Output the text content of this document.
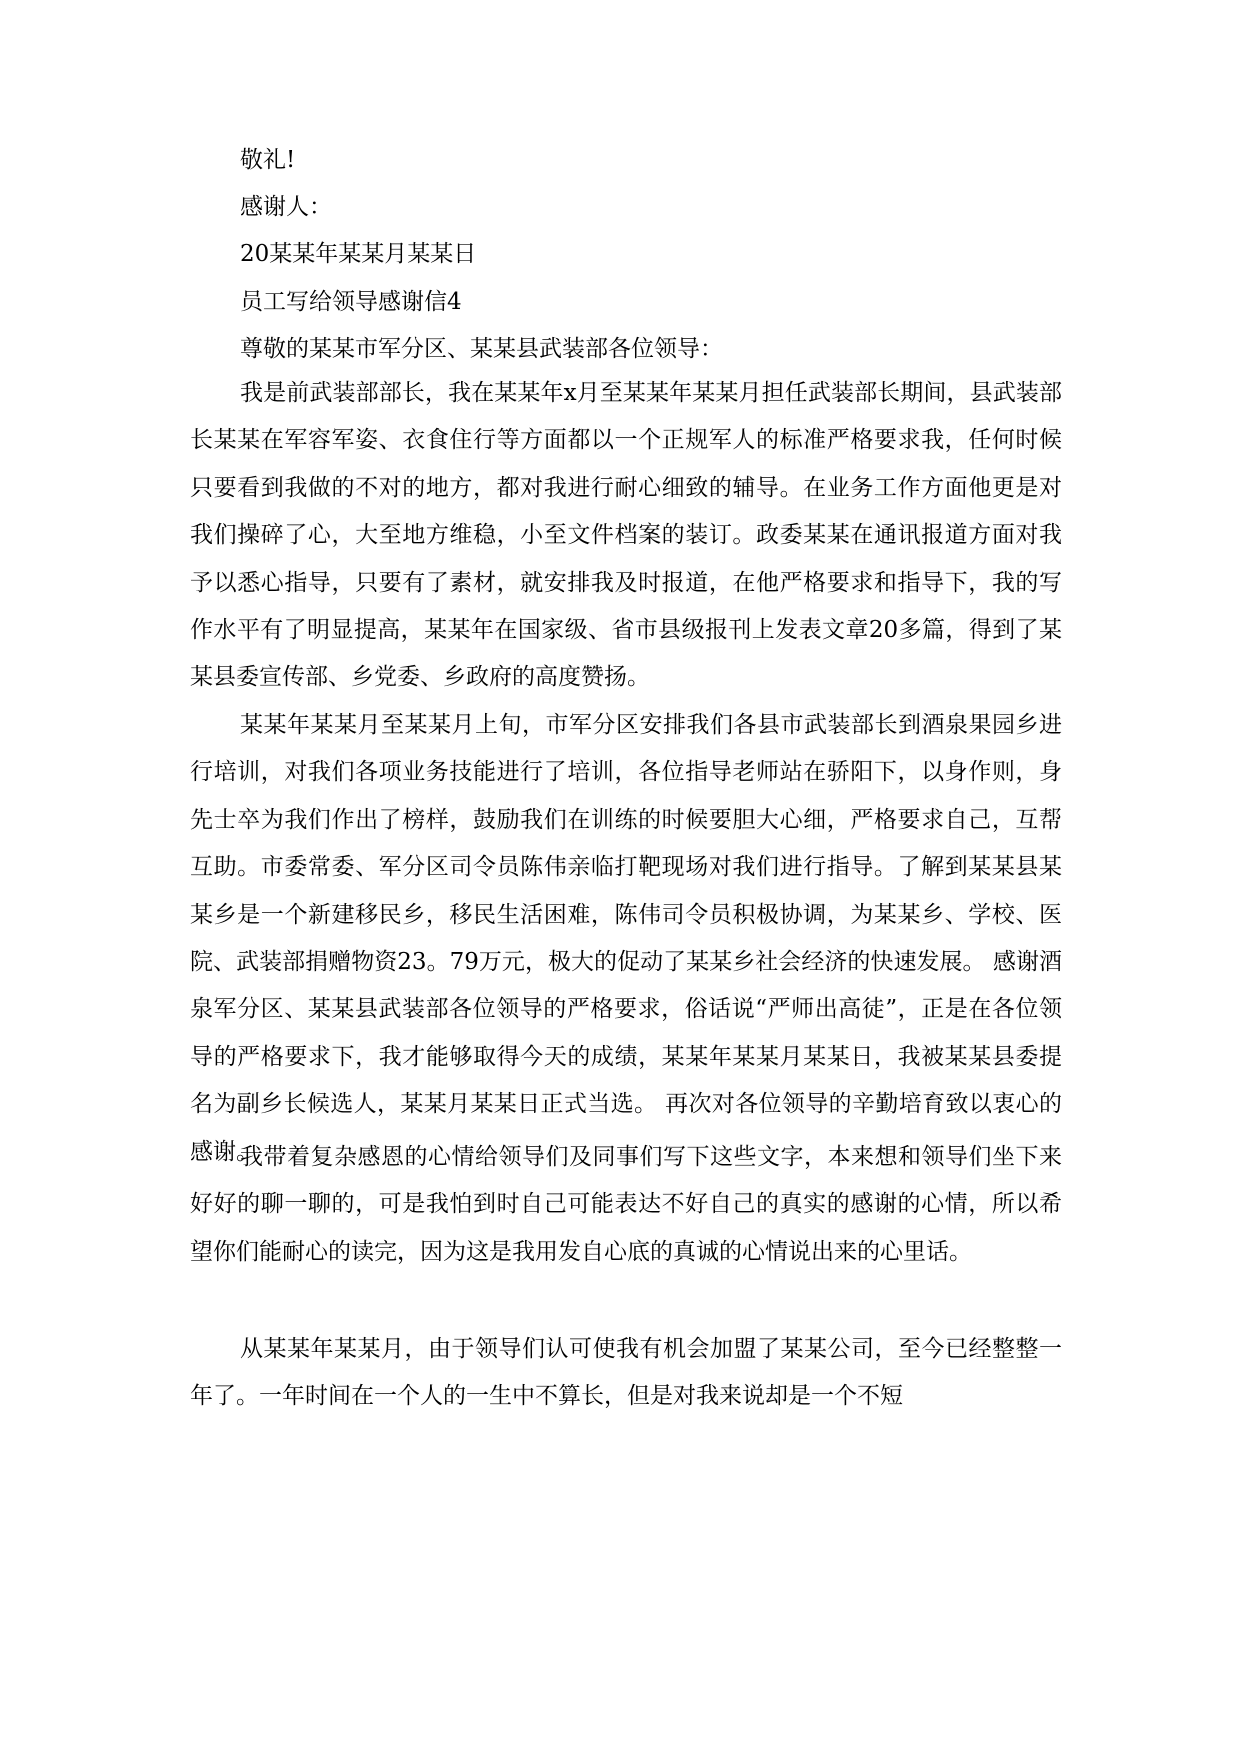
敬礼!

感谢人：

20某某年某某月某某日

员工写给领导感谢信4

尊敬的某某市军分区、某某县武装部各位领导：

我是前武装部部长，我在某某年x月至某某年某某月担任武装部长期间，县武装部长某某在军容军姿、衣食住行等方面都以一个正规军人的标准严格要求我，任何时候只要看到我做的不对的地方，都对我进行耐心细致的辅导。在业务工作方面他更是对我们操碎了心，大至地方维稳，小至文件档案的装订。政委某某在通讯报道方面对我予以悉心指导，只要有了素材，就安排我及时报道，在他严格要求和指导下，我的写作水平有了明显提高，某某年在国家级、省市县级报刊上发表文章20多篇，得到了某某县委宣传部、乡党委、乡政府的高度赞扬。

某某年某某月至某某月上旬，市军分区安排我们各县市武装部长到酒泉果园乡进行培训，对我们各项业务技能进行了培训，各位指导老师站在骄阳下，以身作则，身先士卒为我们作出了榜样，鼓励我们在训练的时候要胆大心细，严格要求自己，互帮互助。市委常委、军分区司令员陈伟亲临打靶现场对我们进行指导。了解到某某县某某乡是一个新建移民乡，移民生活困难，陈伟司令员积极协调，为某某乡、学校、医院、武装部捐赠物资23。79万元，极大的促动了某某乡社会经济的快速发展。 感谢酒泉军分区、某某县武装部各位领导的严格要求，俗话说“严师出高徒”，正是在各位领导的严格要求下，我才能够取得今天的成绩，某某年某某月某某日，我被某某县委提名为副乡长候选人，某某月某某日正式当选。 再次对各位领导的辛勤培育致以衷心的感谢。

我带着复杂感恩的心情给领导们及同事们写下这些文字，本来想和领导们坐下来好好的聊一聊的，可是我怕到时自己可能表达不好自己的真实的感谢的心情，所以希望你们能耐心的读完，因为这是我用发自心底的真诚的心情说出来的心里话。

从某某年某某月，由于领导们认可使我有机会加盟了某某公司，至今已经整整一年了。一年时间在一个人的一生中不算长，但是对我来说却是一个不短
